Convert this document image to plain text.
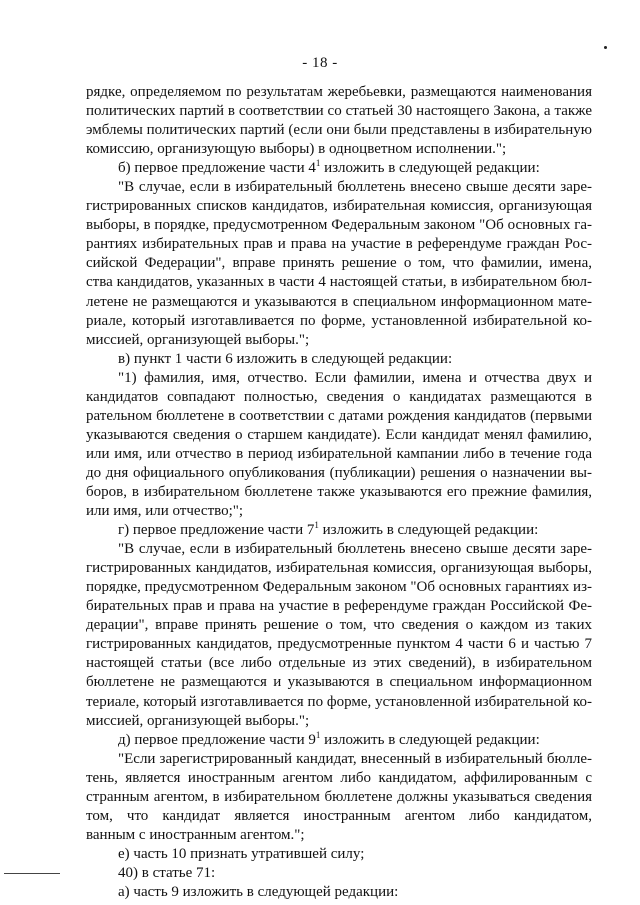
- 18 -
рядке, определяемом по результатам жеребьевки, размещаются наименования
политических партий в соответствии со статьей 30 настоящего Закона, а также
эмблемы политических партий (если они были представлены в избирательную
комиссию, организующую выборы) в одноцветном исполнении.";
б) первое предложение части $4^1$ изложить в следующей редакции:
"В случае, если в избирательный бюллетень внесено свыше десяти заре-
гистрированных списков кандидатов, избирательная комиссия, организующая
выборы, в порядке, предусмотренном Федеральным законом "Об основных га-
рантиях избирательных прав и права на участие в референдуме граждан Рос-
сийской Федерации", вправе принять решение о том, что фамилии, имена,
ства кандидатов, указанных в части 4 настоящей статьи, в избирательном бюл-
летене не размещаются и указываются в специальном информационном мате-
риале, который изготавливается по форме, установленной избирательной ко-
миссией, организующей выборы.";
в) пункт 1 части 6 изложить в следующей редакции:
"1) фамилия, имя, отчество. Если фамилии, имена и отчества двух и
кандидатов совпадают полностью, сведения о кандидатах размещаются в
рательном бюллетене в соответствии с датами рождения кандидатов (первыми
указываются сведения о старшем кандидате). Если кандидат менял фамилию,
или имя, или отчество в период избирательной кампании либо в течение года
до дня официального опубликования (публикации) решения о назначении вы-
боров, в избирательном бюллетене также указываются его прежние фамилия,
или имя, или отчество;";
г) первое предложение части $7^1$ изложить в следующей редакции:
"В случае, если в избирательный бюллетень внесено свыше десяти заре-
гистрированных кандидатов, избирательная комиссия, организующая выборы,
порядке, предусмотренном Федеральным законом "Об основных гарантиях из-
бирательных прав и права на участие в референдуме граждан Российской Фе-
дерации", вправе принять решение о том, что сведения о каждом из таких
гистрированных кандидатов, предусмотренные пунктом 4 части 6 и частью 7
настоящей статьи (все либо отдельные из этих сведений), в избирательном
бюллетене не размещаются и указываются в специальном информационном
териале, который изготавливается по форме, установленной избирательной ко-
миссией, организующей выборы.";
д) первое предложение части $9^1$ изложить в следующей редакции:
"Если зарегистрированный кандидат, внесенный в избирательный бюлле-
тень, является иностранным агентом либо кандидатом, аффилированным с
странным агентом, в избирательном бюллетене должны указываться сведения
том, что кандидат является иностранным агентом либо кандидатом,
ванным с иностранным агентом.";
е) часть 10 признать утратившей силу;
40) в статье 71:
а) часть 9 изложить в следующей редакции:
